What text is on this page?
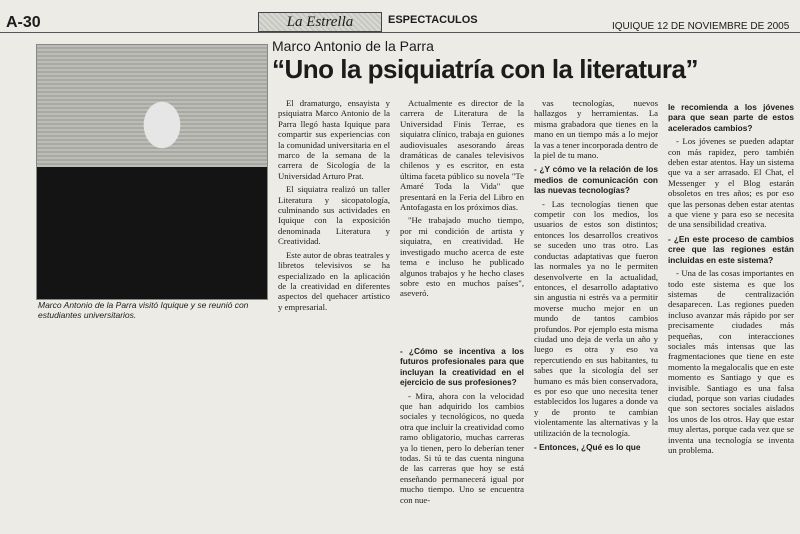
A-30	La Estrella	ESPECTACULOS
IQUIQUE 12 DE NOVIEMBRE DE 2005
Marco Antonio de la Parra visitó Iquique y se reunió con estudiantes universitarios.
Marco Antonio de la Parra
“Uno la psiquiatría con la literatura”

El dramaturgo, ensayista y psiquiatra Marco Antonio de la Parra llegó hasta Iquique para compartir sus experiencias con la comunidad universitaria en el marco de la semana de la carrera de Sicología de la Universidad Arturo Prat.

El siquiatra realizó un taller Literatura y sicopatología, culminando sus actividades en Iquique con la exposición denominada Literatura y Creatividad.

Este autor de obras teatrales y libretos televisivos se ha especializado en la aplicación de la creatividad en diferentes aspectos del quehacer artístico y empresarial.

Actualmente es director de la carrera de Literatura de la Universidad Finis Terrae, es siquiatra clínico, trabaja en guiones audiovisuales asesorando áreas dramáticas de canales televisivos chilenos y es escritor, en esta última faceta público su novela "Te Amaré Toda la Vida" que presentará en la Feria del Libro en Antofagasta en los próximos días.

"He trabajado mucho tiempo, por mi condición de artista y siquiatra, en creatividad. He investigado mucho acerca de este tema e incluso he publicado algunos trabajos y he hecho clases sobre esto en muchos países", aseveró.

- ¿Cómo se incentiva a los futuros profesionales para que incluyan la creatividad en el ejercicio de sus profesiones?

- Mira, ahora con la velocidad que han adquirido los cambios sociales y tecnológicos, no queda otra que incluir la creatividad como ramo obligatorio, muchas carreras ya lo tienen, pero lo deberían tener todas. Si tú te das cuenta ninguna de las carreras que hoy se está enseñando permanecerá igual por mucho tiempo. Uno se encuentra con nue-

vas tecnologías, nuevos hallazgos y herramientas. La misma grabadora que tienes en la mano en un tiempo más a lo mejor la vas a tener incorporada dentro de la piel de tu mano.

- ¿Y cómo ve la relación de los medios de comunicación con las nuevas tecnologías?

- Las tecnologías tienen que competir con los medios, los usuarios de estos son distintos; entonces los desarrollos creativos se suceden uno tras otro. Las conductas adaptativas que fueron las normales ya no le permiten desenvolverte en la actualidad, entonces, el desarrollo adaptativo sin angustia ni estrés va a permitir moverse mucho mejor en un mundo de tantos cambios profundos. Por ejemplo esta misma ciudad uno deja de verla un año y luego es otra y eso va repercutiendo en sus habitantes, tu sabes que la sicología del ser humano es más bien conservadora, es por eso que uno necesita tener establecidos los lugares a donde va y de pronto te cambian violentamente las alternativas y la utilización de la tecnología.

- Entonces, ¿Qué es lo que

le recomienda a los jóvenes para que sean parte de estos acelerados cambios?

- Los jóvenes se pueden adaptar con más rapidez, pero también deben estar atentos. Hay un sistema que va a ser arrasado. El Chat, el Messenger y el Blog estarán obsoletos en tres años; es por eso que las personas deben estar atentas a que viene y para eso se necesita de una sensibilidad creativa.

- ¿En este proceso de cambios cree que las regiones están incluidas en este sistema?

- Una de las cosas importantes en todo este sistema es que los sistemas de centralización desaparecen. Las regiones pueden incluso avanzar más rápido por ser precisamente ciudades más pequeñas, con interacciones sociales más intensas que las fragmentaciones que tiene en este momento la megalocalis que en este momento es Santiago y que es invisible. Santiago es una falsa ciudad, porque son varias ciudades que son sectores sociales aislados los unos de los otros. Hay que estar muy alertas, porque cada vez que se inventa una tecnología se inventa un problema.
